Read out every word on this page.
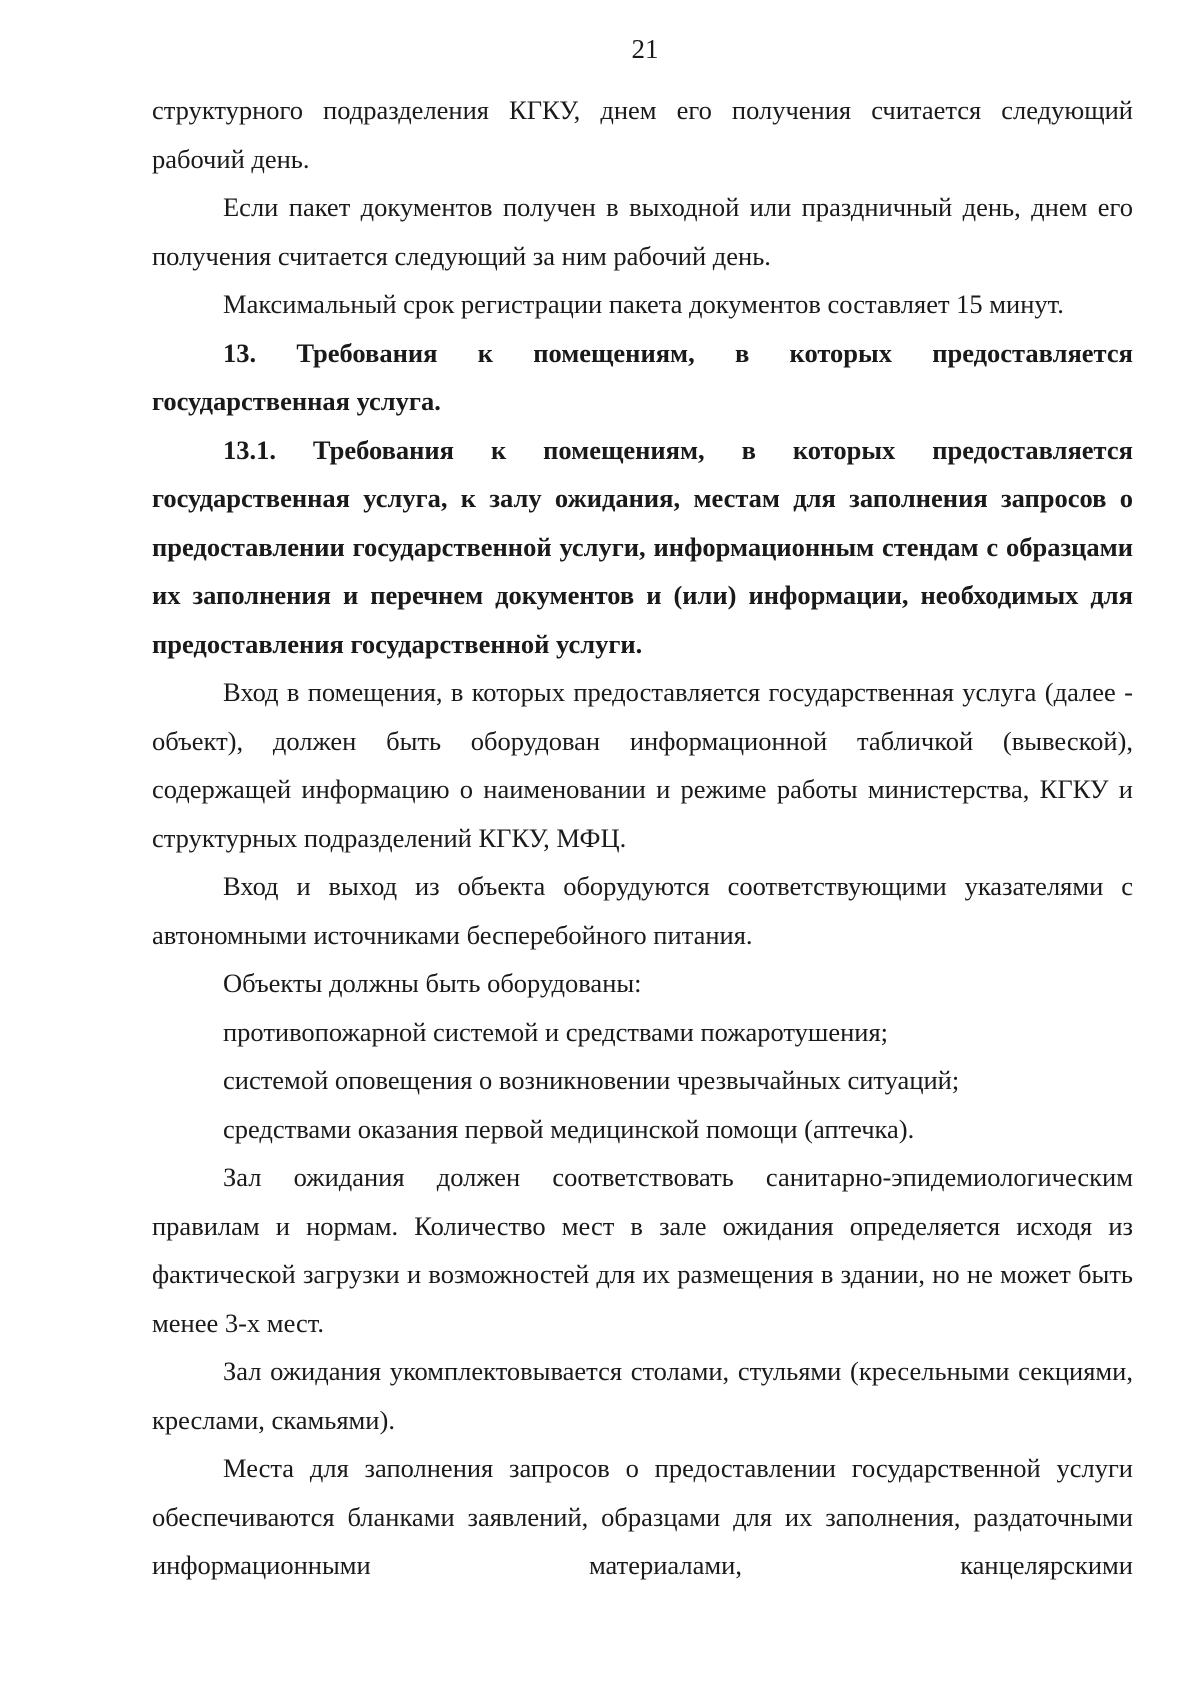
21

структурного подразделения КГКУ, днем его получения считается следующий рабочий день.

Если пакет документов получен в выходной или праздничный день, днем его получения считается следующий за ним рабочий день.

Максимальный срок регистрации пакета документов составляет 15 минут.

13. Требования к помещениям, в которых предоставляется государственная услуга.

13.1. Требования к помещениям, в которых предоставляется государственная услуга, к залу ожидания, местам для заполнения запросов о предоставлении государственной услуги, информационным стендам с образцами их заполнения и перечнем документов и (или) информации, необходимых для предоставления государственной услуги.

Вход в помещения, в которых предоставляется государственная услуга (далее - объект), должен быть оборудован информационной табличкой (вывеской), содержащей информацию о наименовании и режиме работы министерства, КГКУ и структурных подразделений КГКУ, МФЦ.

Вход и выход из объекта оборудуются соответствующими указателями с автономными источниками бесперебойного питания.

Объекты должны быть оборудованы:

противопожарной системой и средствами пожаротушения;

системой оповещения о возникновении чрезвычайных ситуаций;

средствами оказания первой медицинской помощи (аптечка).

Зал ожидания должен соответствовать санитарно-эпидемиологическим правилам и нормам. Количество мест в зале ожидания определяется исходя из фактической загрузки и возможностей для их размещения в здании, но не может быть менее 3-х мест.

Зал ожидания укомплектовывается столами, стульями (кресельными секциями, креслами, скамьями).

Места для заполнения запросов о предоставлении государственной услуги обеспечиваются бланками заявлений, образцами для их заполнения, раздаточными информационными материалами, канцелярскими
